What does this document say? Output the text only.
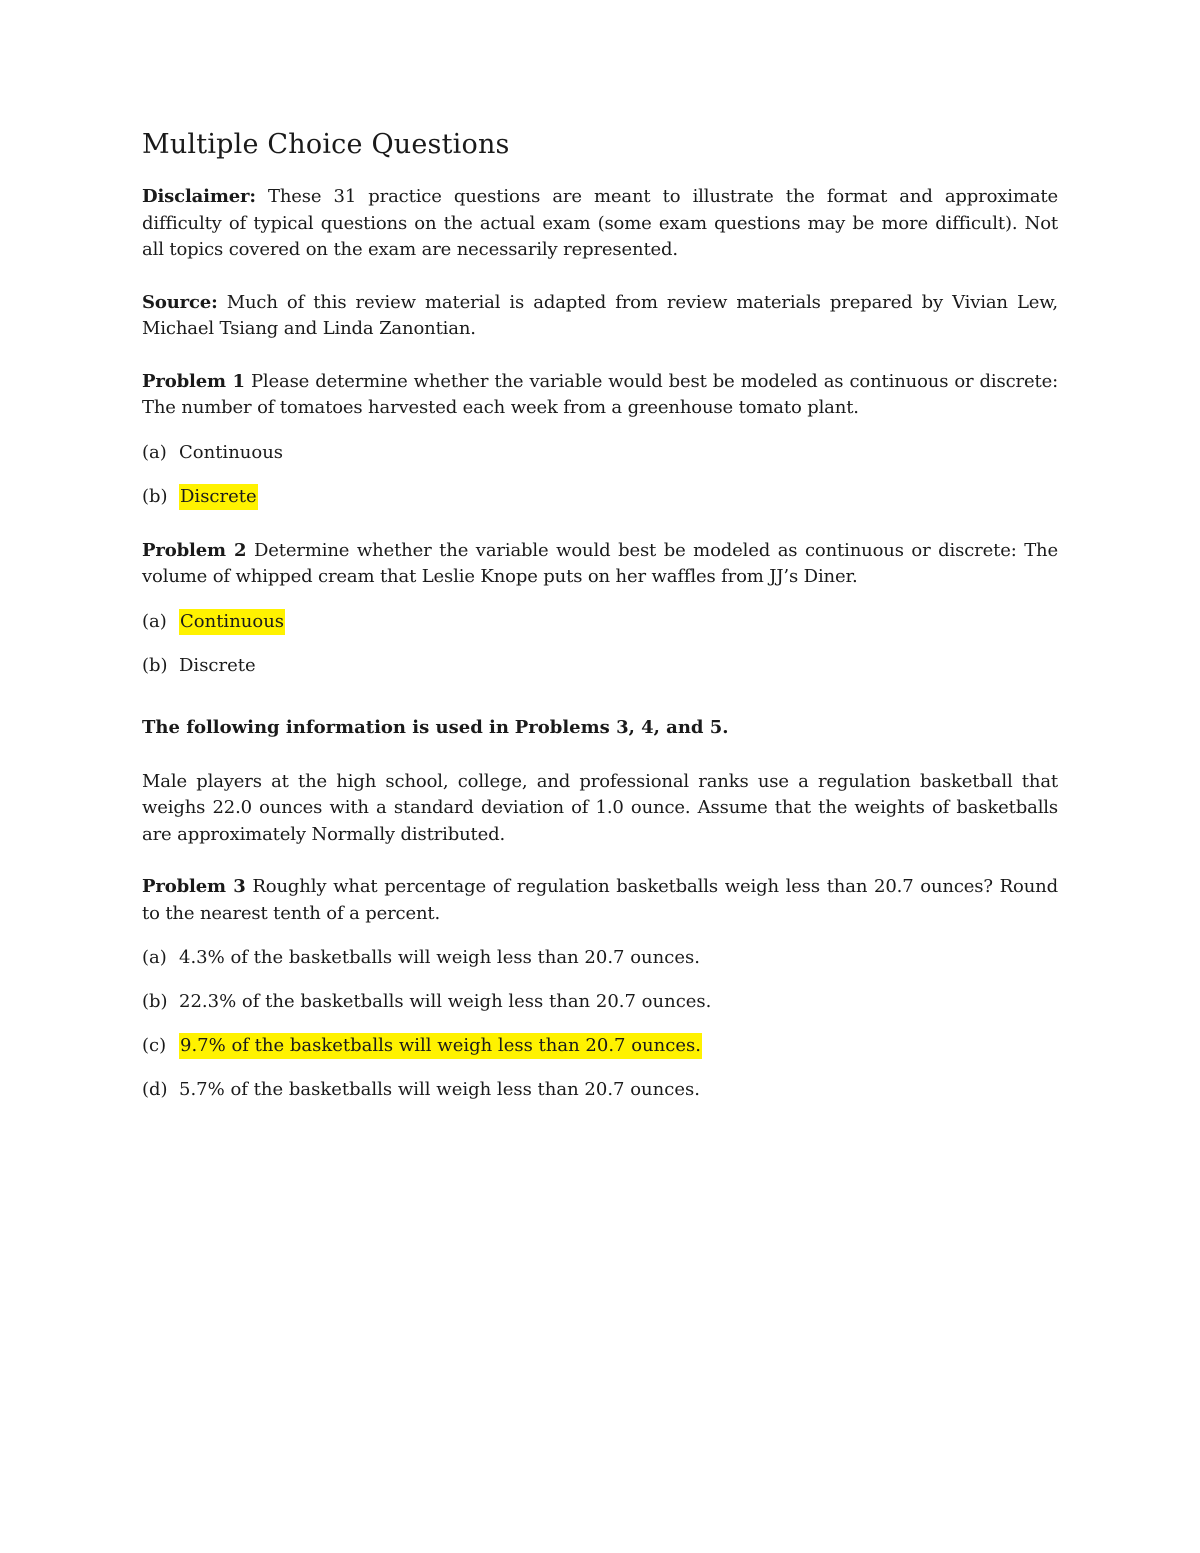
Multiple Choice Questions

Disclaimer: These 31 practice questions are meant to illustrate the format and approximate difficulty of typical questions on the actual exam (some exam questions may be more difficult). Not all topics covered on the exam are necessarily represented.

Source: Much of this review material is adapted from review materials prepared by Vivian Lew, Michael Tsiang and Linda Zanontian.

Problem 1 Please determine whether the variable would best be modeled as continuous or discrete: The number of tomatoes harvested each week from a greenhouse tomato plant.

(a) Continuous
(b) Discrete

Problem 2 Determine whether the variable would best be modeled as continuous or discrete: The volume of whipped cream that Leslie Knope puts on her waffles from JJ’s Diner.

(a) Continuous
(b) Discrete
The following information is used in Problems 3, 4, and 5.

Male players at the high school, college, and professional ranks use a regulation basketball that weighs 22.0 ounces with a standard deviation of 1.0 ounce. Assume that the weights of basketballs are approximately Normally distributed.

Problem 3 Roughly what percentage of regulation basketballs weigh less than 20.7 ounces? Round to the nearest tenth of a percent.

(a) 4.3% of the basketballs will weigh less than 20.7 ounces.
(b) 22.3% of the basketballs will weigh less than 20.7 ounces.
(c) 9.7% of the basketballs will weigh less than 20.7 ounces.
(d) 5.7% of the basketballs will weigh less than 20.7 ounces.
